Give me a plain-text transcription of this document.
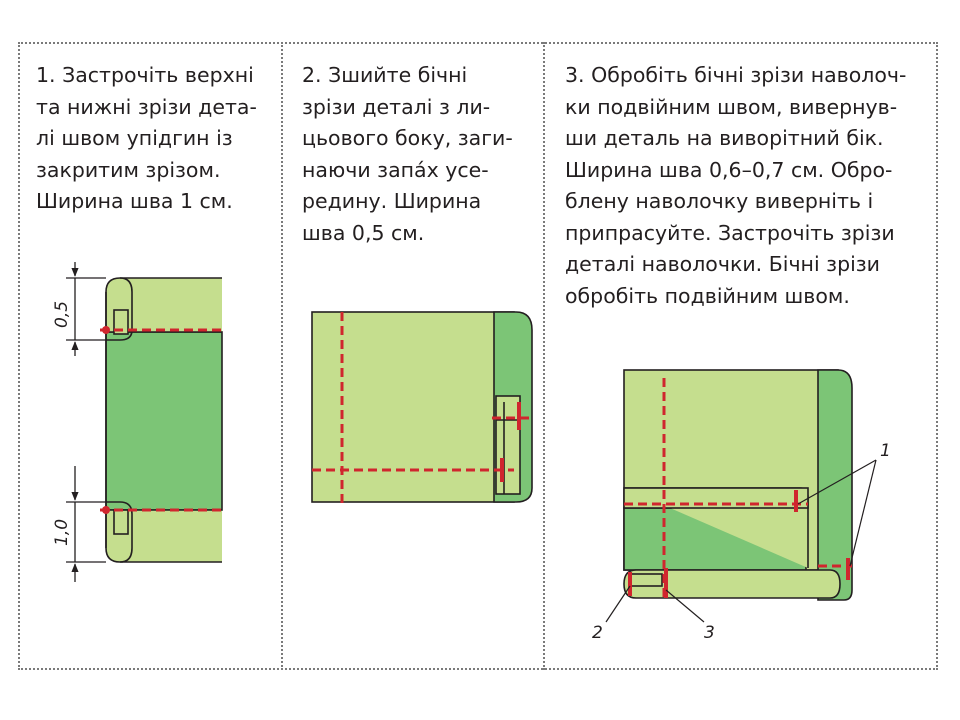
1. Застрочіть верхні
та нижні зрізи дета-
лі швом упідгин із
закритим зрізом.
Ширина шва 1 см.
2. Зшийте бічні
зрізи деталі з ли-
цьового боку, заги-
наючи запа́х усе-
редину. Ширина
шва 0,5 см.
3. Обробіть бічні зрізи наволоч-
ки подвійним швом, вивернув-
ши деталь на виворітний бік.
Ширина шва 0,6–0,7 см. Обро-
блену наволочку виверніть і
припрасуйте. Застрочіть зрізи
деталі наволочки. Бічні зрізи
обробіть подвійним швом.
0,5
1,0
1
2	3
